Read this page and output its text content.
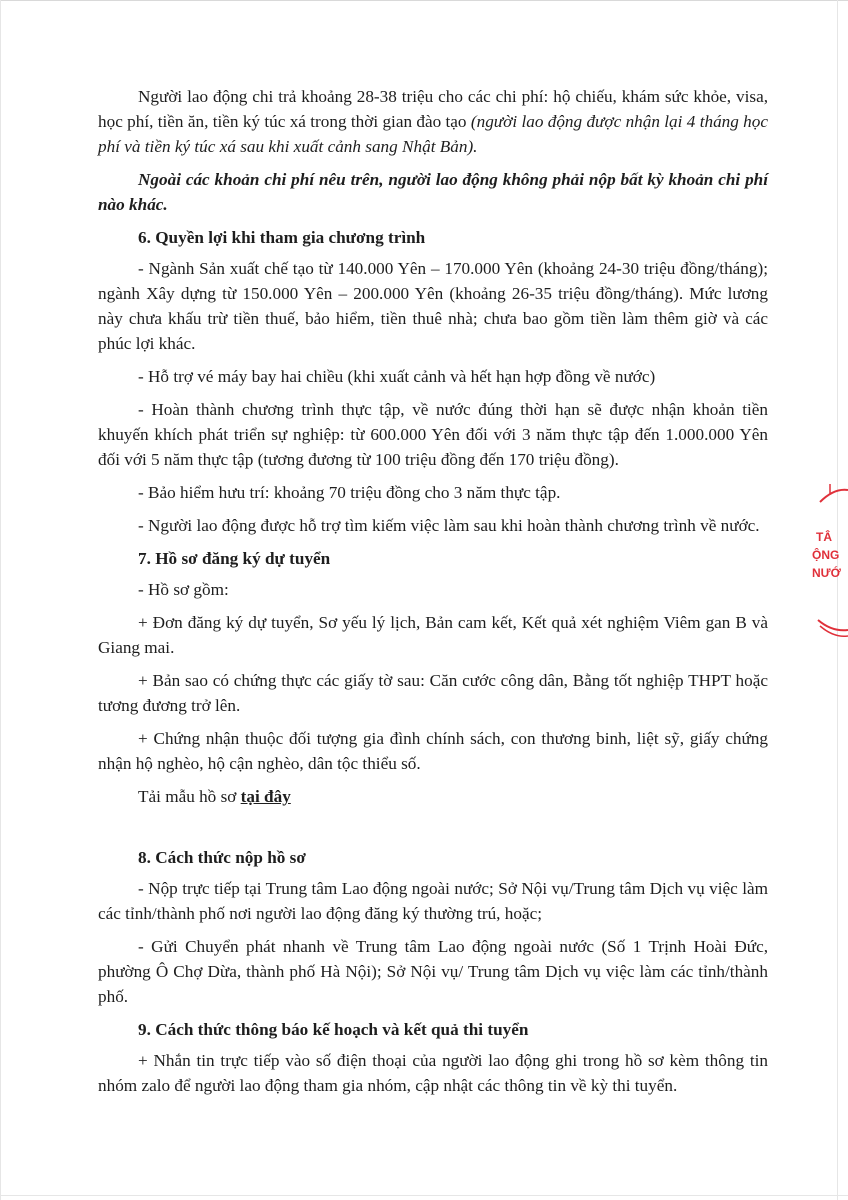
Người lao động chi trả khoảng 28-38 triệu cho các chi phí: hộ chiếu, khám sức khỏe, visa, học phí, tiền ăn, tiền ký túc xá trong thời gian đào tạo (người lao động được nhận lại 4 tháng học phí và tiền ký túc xá sau khi xuất cảnh sang Nhật Bản).

Ngoài các khoản chi phí nêu trên, người lao động không phải nộp bất kỳ khoản chi phí nào khác.

6. Quyền lợi khi tham gia chương trình

- Ngành Sản xuất chế tạo từ 140.000 Yên – 170.000 Yên (khoảng 24-30 triệu đồng/tháng); ngành Xây dựng từ 150.000 Yên – 200.000 Yên (khoảng 26-35 triệu đồng/tháng). Mức lương này chưa khấu trừ tiền thuế, bảo hiểm, tiền thuê nhà; chưa bao gồm tiền làm thêm giờ và các phúc lợi khác.

- Hỗ trợ vé máy bay hai chiều (khi xuất cảnh và hết hạn hợp đồng về nước)

- Hoàn thành chương trình thực tập, về nước đúng thời hạn sẽ được nhận khoản tiền khuyến khích phát triển sự nghiệp: từ 600.000 Yên đối với 3 năm thực tập đến 1.000.000 Yên đối với 5 năm thực tập (tương đương từ 100 triệu đồng đến 170 triệu đồng).

- Bảo hiểm hưu trí: khoảng 70 triệu đồng cho 3 năm thực tập.

- Người lao động được hỗ trợ tìm kiếm việc làm sau khi hoàn thành chương trình về nước.

7. Hồ sơ đăng ký dự tuyển

- Hồ sơ gồm:

+ Đơn đăng ký dự tuyển, Sơ yếu lý lịch, Bản cam kết, Kết quả xét nghiệm Viêm gan B và Giang mai.

+ Bản sao có chứng thực các giấy tờ sau: Căn cước công dân, Bằng tốt nghiệp THPT hoặc tương đương trở lên.

+ Chứng nhận thuộc đối tượng gia đình chính sách, con thương binh, liệt sỹ, giấy chứng nhận hộ nghèo, hộ cận nghèo, dân tộc thiểu số.

Tải mẫu hồ sơ tại đây

8. Cách thức nộp hồ sơ

- Nộp trực tiếp tại Trung tâm Lao động ngoài nước; Sở Nội vụ/Trung tâm Dịch vụ việc làm các tỉnh/thành phố nơi người lao động đăng ký thường trú, hoặc;

- Gửi Chuyển phát nhanh về Trung tâm Lao động ngoài nước (Số 1 Trịnh Hoài Đức, phường Ô Chợ Dừa, thành phố Hà Nội); Sở Nội vụ/ Trung tâm Dịch vụ việc làm các tỉnh/thành phố.

9. Cách thức thông báo kế hoạch và kết quả thi tuyển

+ Nhắn tin trực tiếp vào số điện thoại của người lao động ghi trong hồ sơ kèm thông tin nhóm zalo để người lao động tham gia nhóm, cập nhật các thông tin về kỳ thi tuyển.

TÂ
ỘNG
NƯỚ
